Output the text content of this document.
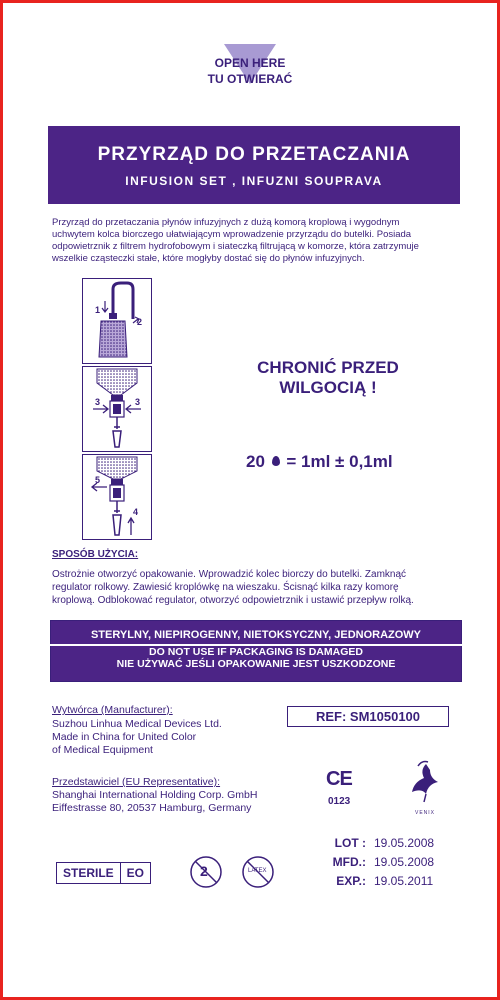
OPEN HERE
TU OTWIERAĆ
PRZYRZĄD DO PRZETACZANIA
INFUSION SET , INFUZNI SOUPRAVA
Przyrząd do przetaczania płynów infuzyjnych z dużą komorą kroplową i wygodnym
uchwytem kolca biorczego ułatwiającym wprowadzenie przyrządu do butelki. Posiada
odpowietrznik z filtrem hydrofobowym i siateczką filtrującą w komorze, która zatrzymuje
wszelkie cząsteczki stałe, które mogłyby dostać się do płynów infuzyjnych.
1
2
3	3
5
4
CHRONIĆ PRZED
WILGOCIĄ !
20 = 1ml ± 0,1ml
SPOSÓB UŻYCIA:
Ostrożnie otworzyć opakowanie. Wprowadzić kolec biorczy do butelki. Zamknąć
regulator rolkowy. Zawiesić kroplówkę na wieszaku. Ścisnąć kilka razy komorę
kroplową. Odblokować regulator, otworzyć odpowietrznik i ustawić przepływ rolką.
STERYLNY, NIEPIROGENNY, NIETOKSYCZNY, JEDNORAZOWY
DO NOT USE IF PACKAGING IS DAMAGED
NIE UŻYWAĆ JEŚLI OPAKOWANIE JEST USZKODZONE
Wytwórca (Manufacturer):
Suzhou Linhua Medical Devices Ltd.
Made in China for United Color
of Medical Equipment
REF: SM1050100
Przedstawiciel (EU Representative):
Shanghai International Holding Corp. GmbH
Eiffestrasse 80, 20537 Hamburg, Germany
CE
0123
VENIX
LOT : 19.05.2008
MFD.: 19.05.2008
EXP.: 19.05.2011
STERILE	EO	2	LATEX
